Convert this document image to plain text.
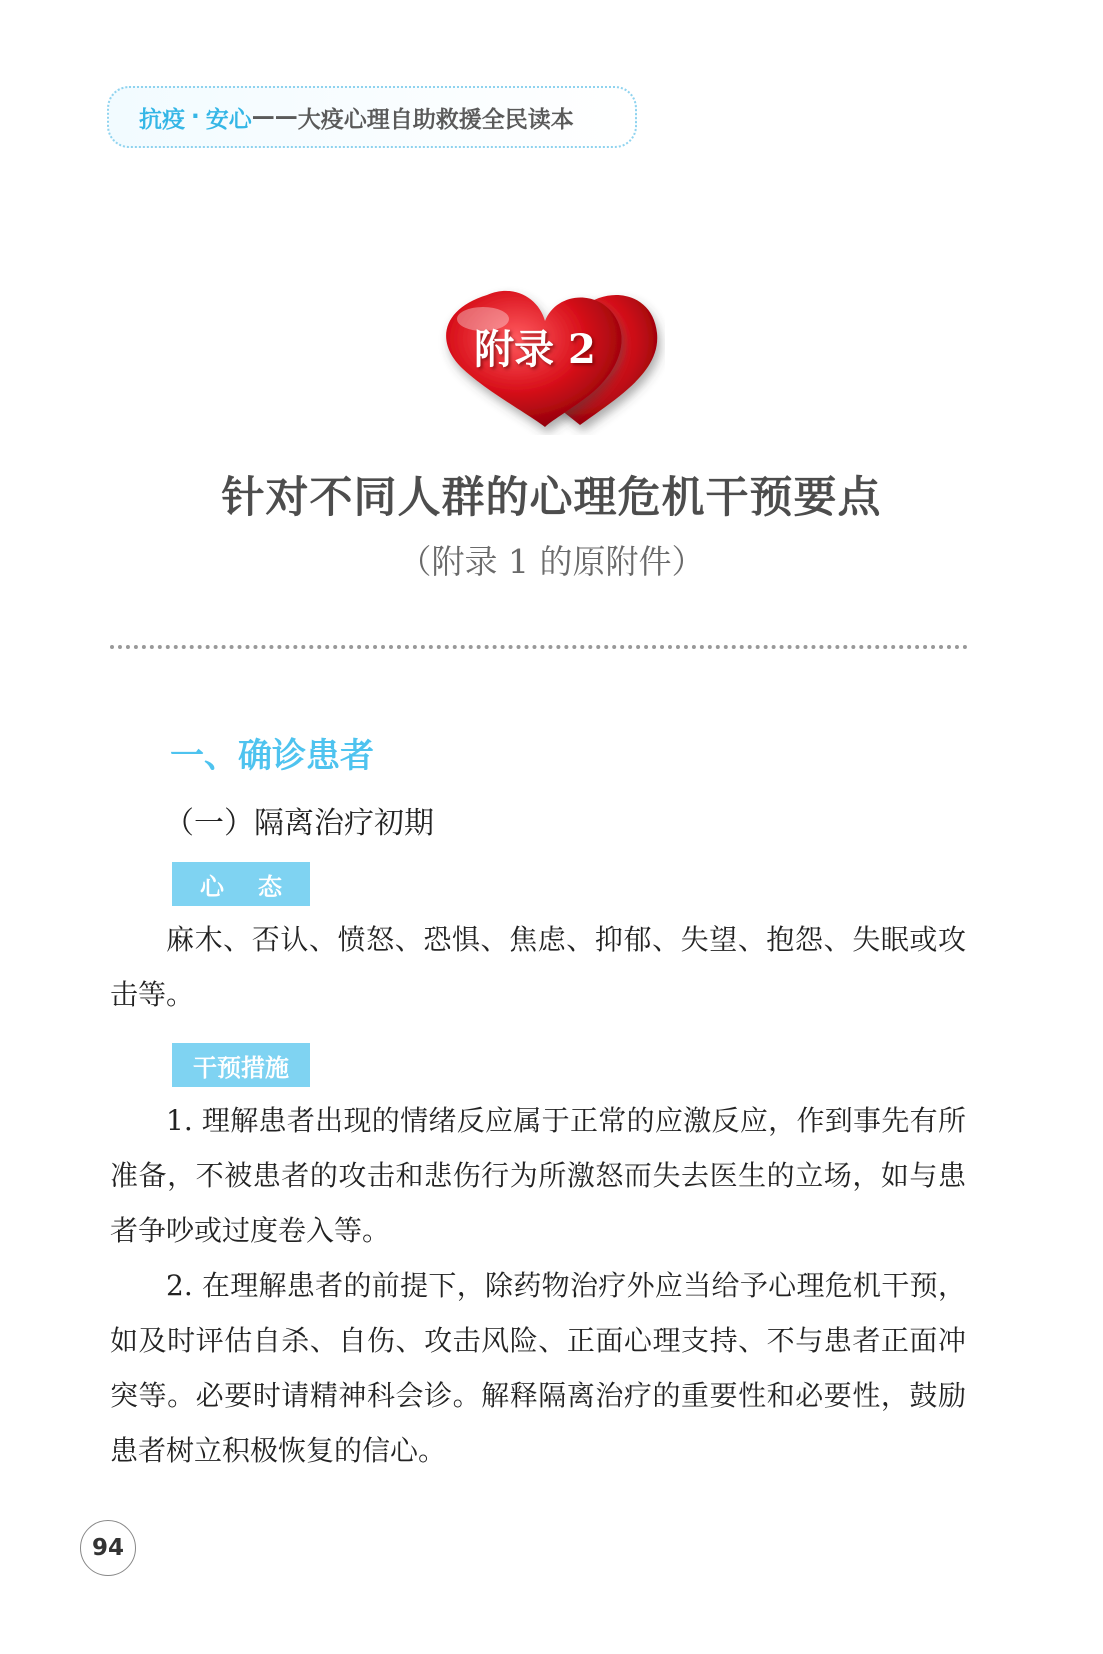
抗疫 · 安心 —— 大疫心理自助救援全民读本
附录 2
针对不同人群的心理危机干预要点
（附录 1 的原附件）
一、确诊患者
（一）隔离治疗初期
心态

麻木、否认、愤怒、恐惧、焦虑、抑郁、失望、抱怨、失眠或攻击等。

干预措施

1. 理解患者出现的情绪反应属于正常的应激反应，作到事先有所准备，不被患者的攻击和悲伤行为所激怒而失去医生的立场，如与患者争吵或过度卷入等。

2. 在理解患者的前提下，除药物治疗外应当给予心理危机干预，如及时评估自杀、自伤、攻击风险、正面心理支持、不与患者正面冲突等。必要时请精神科会诊。解释隔离治疗的重要性和必要性，鼓励患者树立积极恢复的信心。

94
